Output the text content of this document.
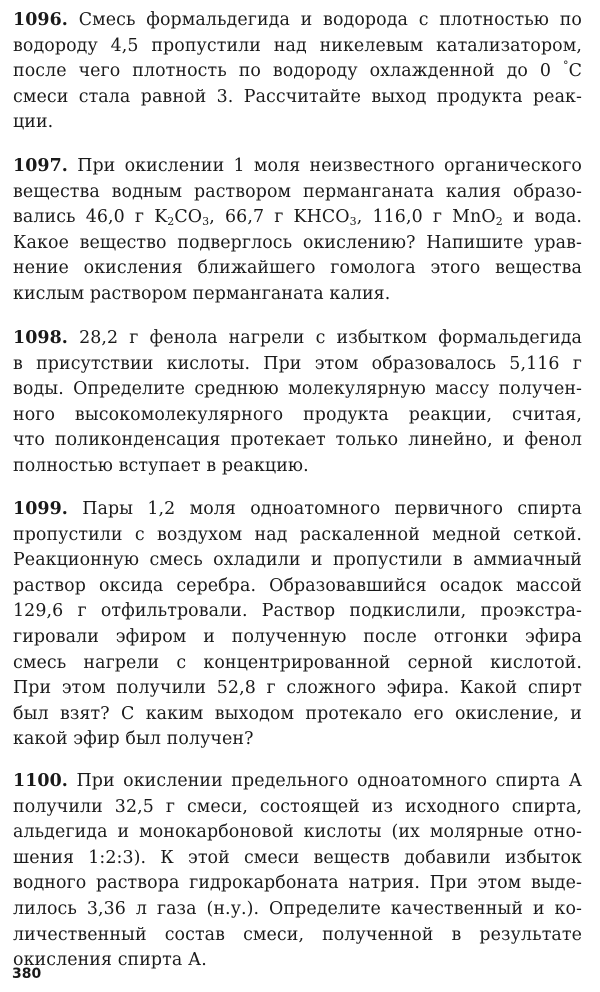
1096. Смесь формальдегида и водорода с плотностью по
водороду 4,5 пропустили над никелевым катализатором,
после чего плотность по водороду охлажденной до 0 °С
смеси стала равной 3. Рассчитайте выход продукта реак-
ции.
1097. При окислении 1 моля неизвестного органического
вещества водным раствором перманганата калия образо-
вались 46,0 г $K_2CO_3$, 66,7 г $KHCO_3$, 116,0 г MnO$_2$ и вода.
Какое вещество подверглось окислению? Напишите урав-
нение окисления ближайшего гомолога этого вещества
кислым раствором перманганата калия.
1098. 28,2 г фенола нагрели с избытком формальдегида
в присутствии кислоты. При этом образовалось 5,116 г
воды. Определите среднюю молекулярную массу получен-
ного высокомолекулярного продукта реакции, считая,
что поликонденсация протекает только линейно, и фенол
полностью вступает в реакцию.
1099. Пары 1,2 моля одноатомного первичного спирта
пропустили с воздухом над раскаленной медной сеткой.
Реакционную смесь охладили и пропустили в аммиачный
раствор оксида серебра. Образовавшийся осадок массой
129,6 г отфильтровали. Раствор подкислили, проэкстра-
гировали эфиром и полученную после отгонки эфира
смесь нагрели с концентрированной серной кислотой.
При этом получили 52,8 г сложного эфира. Какой спирт
был взят? С каким выходом протекало его окисление, и
какой эфир был получен?
1100. При окислении предельного одноатомного спирта А
получили 32,5 г смеси, состоящей из исходного спирта,
альдегида и монокарбоновой кислоты (их молярные отно-
шения 1:2:3). К этой смеси веществ добавили избыток
водного раствора гидрокарбоната натрия. При этом выде-
лилось 3,36 л газа (н.у.). Определите качественный и ко-
личественный состав смеси, полученной в результате
окисления спирта А.
380
